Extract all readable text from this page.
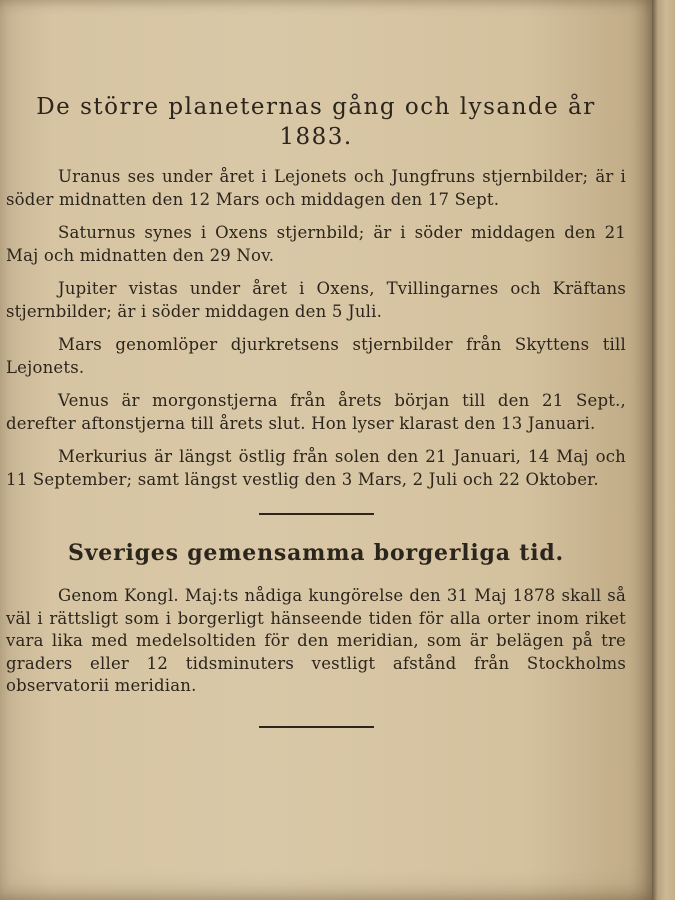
De större planeternas gång och lysande år 1883.

Uranus ses under året i Lejonets och Jungfruns stjernbilder; är i söder midnatten den 12 Mars och middagen den 17 Sept.

Saturnus synes i Oxens stjernbild; är i söder middagen den 21 Maj och midnatten den 29 Nov.

Jupiter vistas under året i Oxens, Tvillingarnes och Kräftans stjernbilder; är i söder middagen den 5 Juli.

Mars genomlöper djurkretsens stjernbilder från Skyttens till Lejonets.

Venus är morgonstjerna från årets början till den 21 Sept., derefter aftonstjerna till årets slut. Hon lyser klarast den 13 Januari.

Merkurius är längst östlig från solen den 21 Januari, 14 Maj och 11 September; samt längst vestlig den 3 Mars, 2 Juli och 22 Oktober.

Sveriges gemensamma borgerliga tid.

Genom Kongl. Maj:ts nådiga kungörelse den 31 Maj 1878 skall så väl i rättsligt som i borgerligt hänseende tiden för alla orter inom riket vara lika med medelsoltiden för den meridian, som är belägen på tre graders eller 12 tidsminuters vestligt afstånd från Stockholms observatorii meridian.
